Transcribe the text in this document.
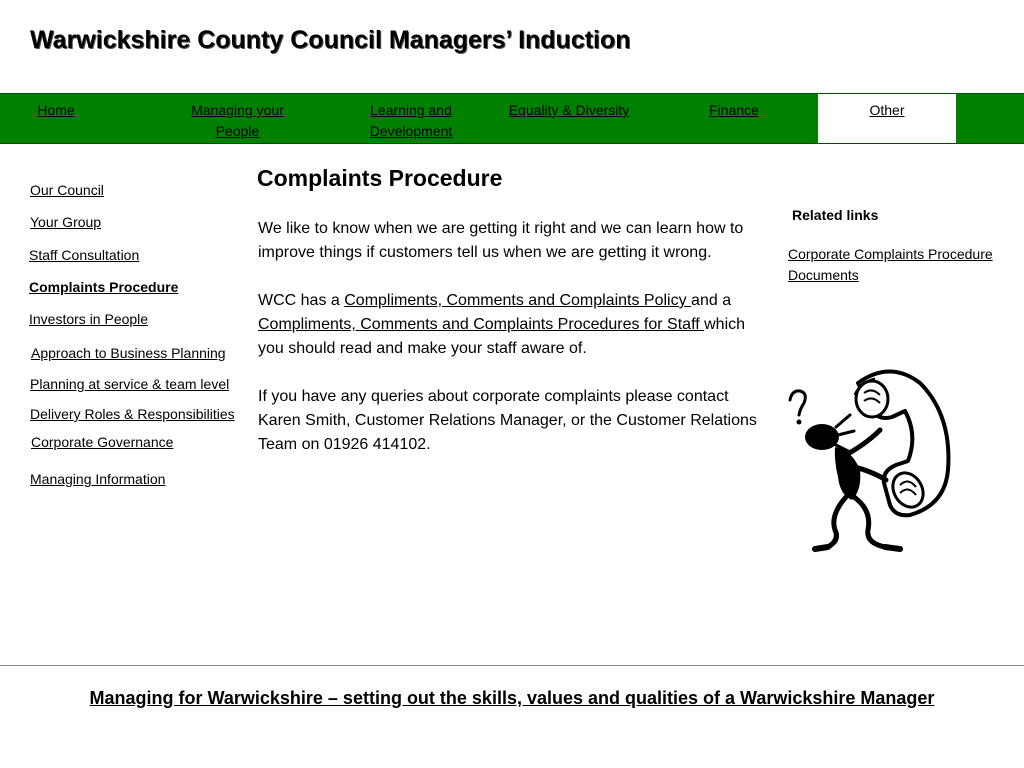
Warwickshire County Council Managers’ Induction
Home	Managing your
People
Learning and
Development
Equality & Diversity	Finance	Other
Our Council
Your Group
Staff Consultation
Complaints Procedure
Investors in People
Approach to Business Planning
Planning at service & team level
Delivery Roles & Responsibilities
Corporate Governance
Managing Information
Complaints Procedure

We like to know when we are getting it right and we can learn how to improve things if customers tell us when we are getting it wrong.

WCC has a Compliments, Comments and Complaints Policy and a Compliments, Comments and Complaints Procedures for Staff which you should read and make your staff aware of.

If you have any queries about corporate complaints please contact Karen Smith, Customer Relations Manager, or the Customer Relations Team on 01926 414102.

Related links
Corporate Complaints Procedure Documents
Managing for Warwickshire – setting out the skills, values and qualities of a Warwickshire Manager
